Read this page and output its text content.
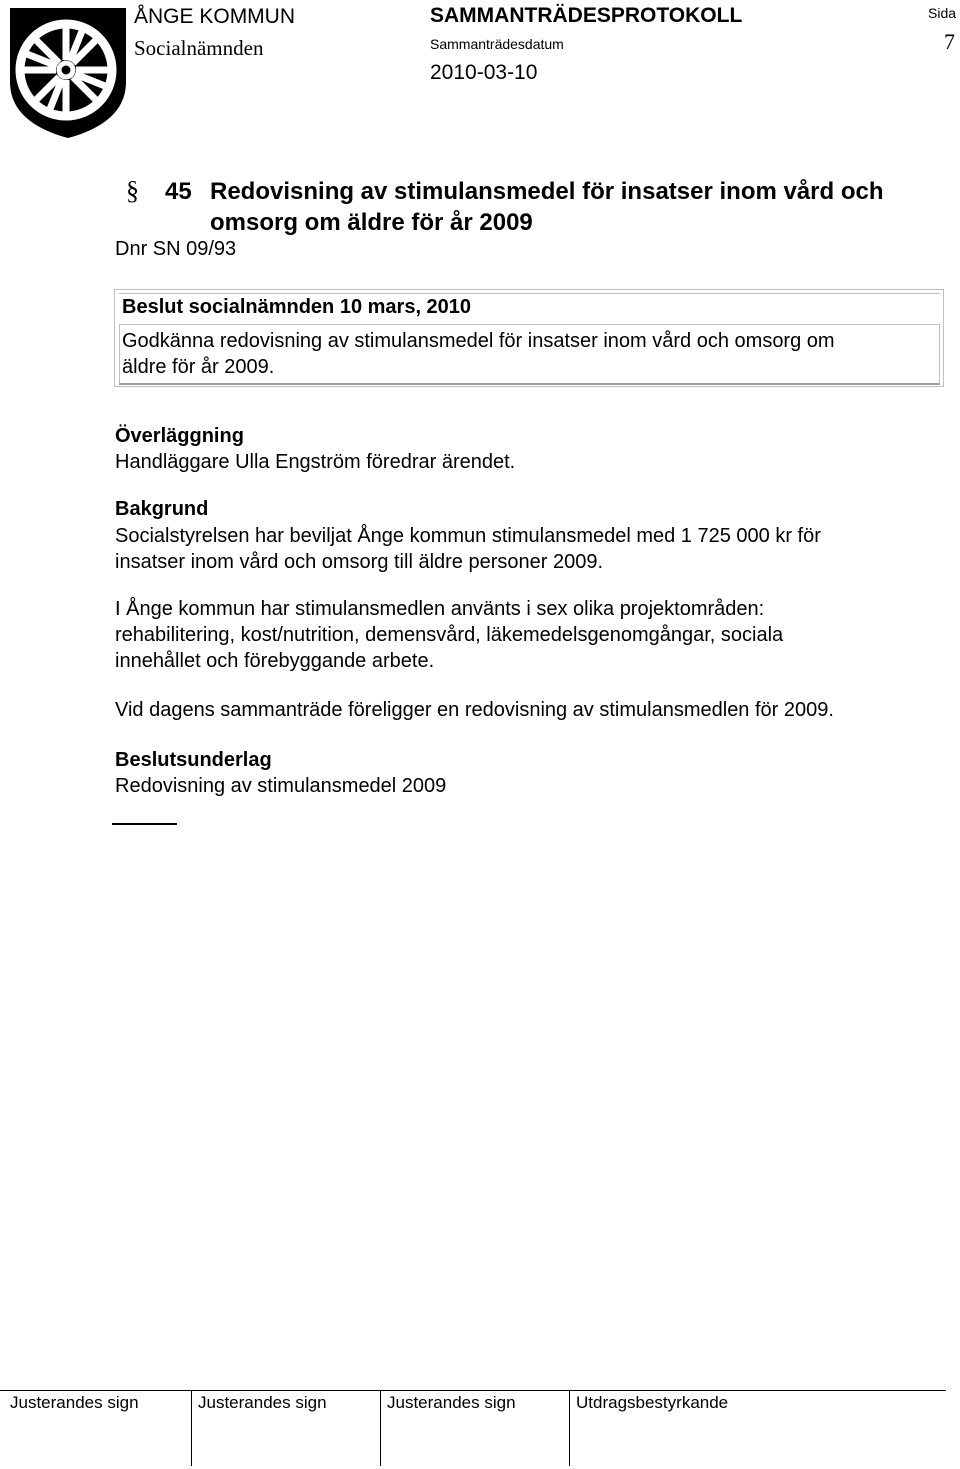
ÅNGE KOMMUN
Socialnämnden
SAMMANTRÄDESPROTOKOLL
Sammanträdesdatum
2010-03-10
Sida
7
§ 45 Redovisning av stimulansmedel för insatser inom vård och
omsorg om äldre för år 2009
Dnr SN 09/93
Beslut socialnämnden 10 mars, 2010
Godkänna redovisning av stimulansmedel för insatser inom vård och omsorg om
äldre för år 2009.
Överläggning
Handläggare Ulla Engström föredrar ärendet.
Bakgrund
Socialstyrelsen har beviljat Ånge kommun stimulansmedel med 1 725 000 kr för
insatser inom vård och omsorg till äldre personer 2009.
I Ånge kommun har stimulansmedlen använts i sex olika projektområden:
rehabilitering, kost/nutrition, demensvård, läkemedelsgenomgångar, sociala
innehållet och förebyggande arbete.
Vid dagens sammanträde föreligger en redovisning av stimulansmedlen för 2009.
Beslutsunderlag
Redovisning av stimulansmedel 2009
Justerandes sign	Justerandes sign	Justerandes sign	Utdragsbestyrkande
